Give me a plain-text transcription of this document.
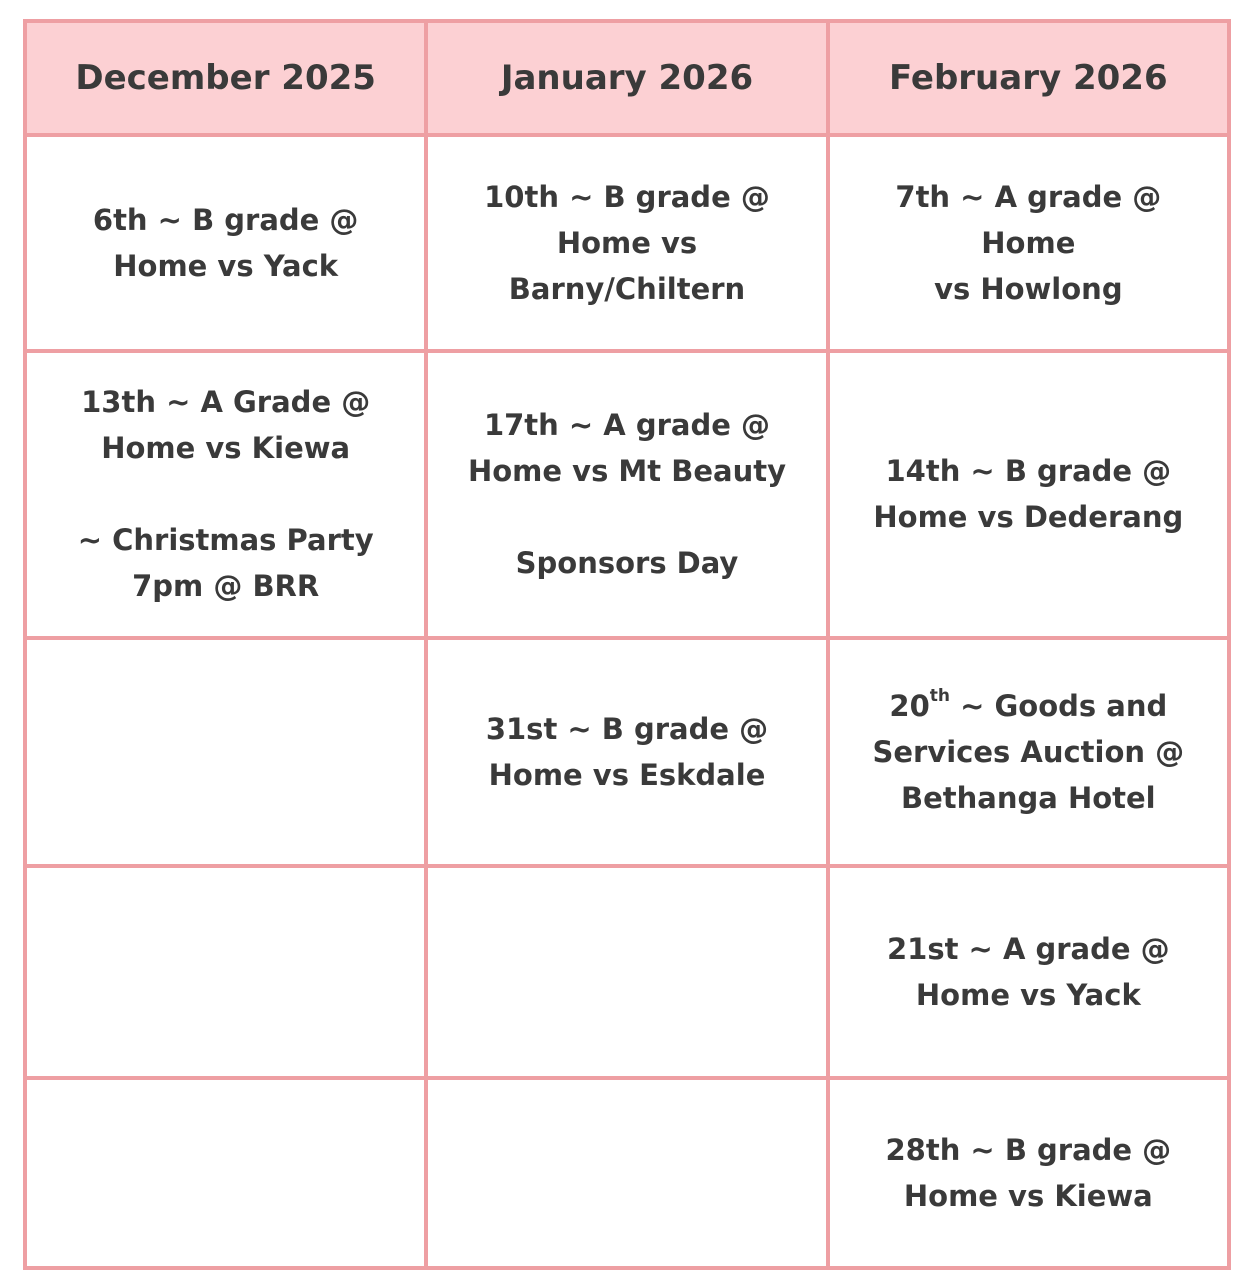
December 2025	January 2026	February 2026

6th ~ B grade @
Home vs Yack	10th ~ B grade @
Home vs
Barny/Chiltern	7th ~ A grade @ Home
vs Howlong

13th ~ A Grade @
Home vs Kiewa
~ Christmas Party
7pm @ BRR	17th ~ A grade @
Home vs Mt Beauty
Sponsors Day	14th ~ B grade @
Home vs Dederang

	31st ~ B grade @
Home vs Eskdale	20th ~ Goods and
Services Auction @
Bethanga Hotel

		21st ~ A grade @
Home vs Yack

		28th ~ B grade @
Home vs Kiewa
